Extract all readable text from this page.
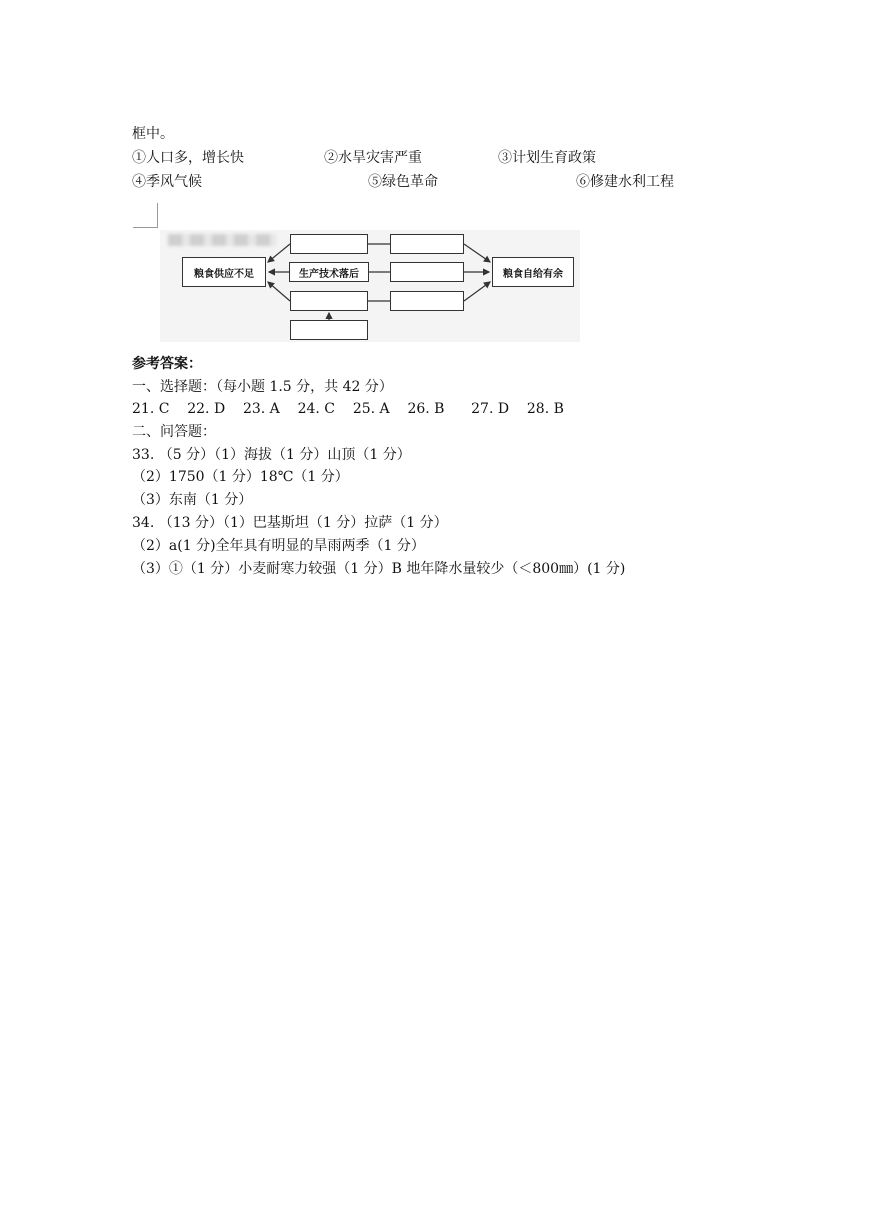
框中。
①人口多，增长快	②水旱灾害严重	③计划生育政策
④季风气候	⑤绿色革命	⑥修建水利工程
粮食供应不足	生产技术落后	粮食自给有余
参考答案：
一、选择题：（每小题 1.5 分，共 42 分）
21. C    22. D    23. A    24. C    25. A    26. B      27. D    28. B
二、问答题：
33. （5 分）（1）海拔（1 分）山顶（1 分）
（2）1750（1 分）18℃（1 分）
（3）东南（1 分）
34. （13 分）（1）巴基斯坦（1 分）拉萨（1 分）
（2）a(1 分)全年具有明显的旱雨两季（1 分）
（3）①（1 分）小麦耐寒力较强（1 分）B 地年降水量较少（＜800㎜）(1 分)
